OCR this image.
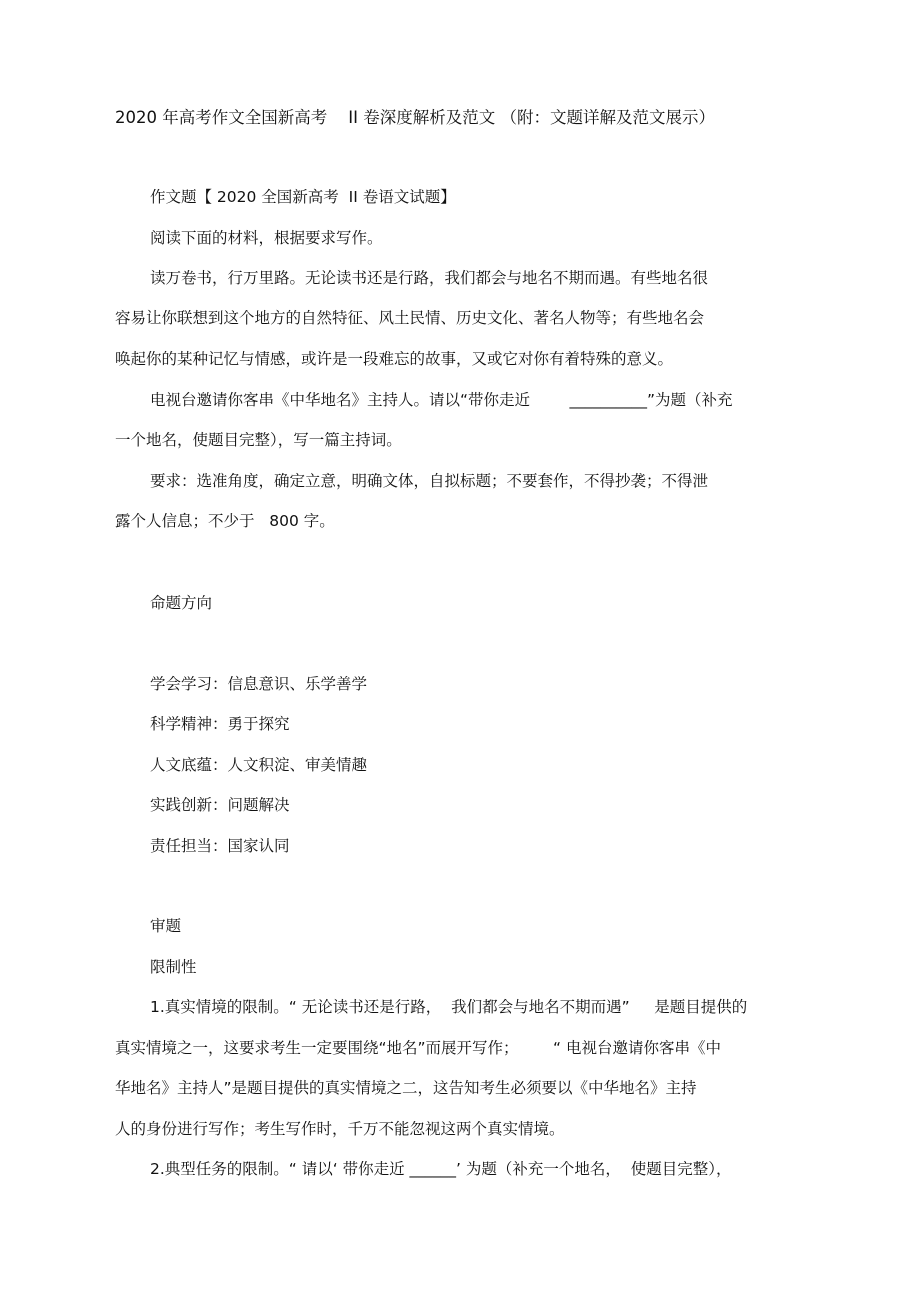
2020 年高考作文全国新高考    II 卷深度解析及范文 （附：文题详解及范文展示）
作文题【 2020 全国新高考  II 卷语文试题】
阅读下面的材料，根据要求写作。
读万卷书，行万里路。无论读书还是行路，我们都会与地名不期而遇。有些地名很
容易让你联想到这个地方的自然特征、风土民情、历史文化、著名人物等；有些地名会
唤起你的某种记忆与情感，或许是一段难忘的故事，又或它对你有着特殊的意义。
电视台邀请你客串《中华地名》主持人。请以“带你走近        __________”为题（补充
一个地名，使题目完整），写一篇主持词。
要求：选准角度，确定立意，明确文体，自拟标题；不要套作，不得抄袭；不得泄
露个人信息；不少于   800 字。
命题方向
学会学习：信息意识、乐学善学
科学精神：勇于探究
人文底蕴：人文积淀、审美情趣
实践创新：问题解决
责任担当：国家认同
审题
限制性
1.真实情境的限制。“ 无论读书还是行路，  我们都会与地名不期而遇”     是题目提供的
真实情境之一，这要求考生一定要围绕“地名”而展开写作；       “ 电视台邀请你客串《中
华地名》主持人”是题目提供的真实情境之二，这告知考生必须要以《中华地名》主持
人的身份进行写作；考生写作时，千万不能忽视这两个真实情境。
2.典型任务的限制。“ 请以‘ 带你走近 ______’ 为题（补充一个地名，  使题目完整），
